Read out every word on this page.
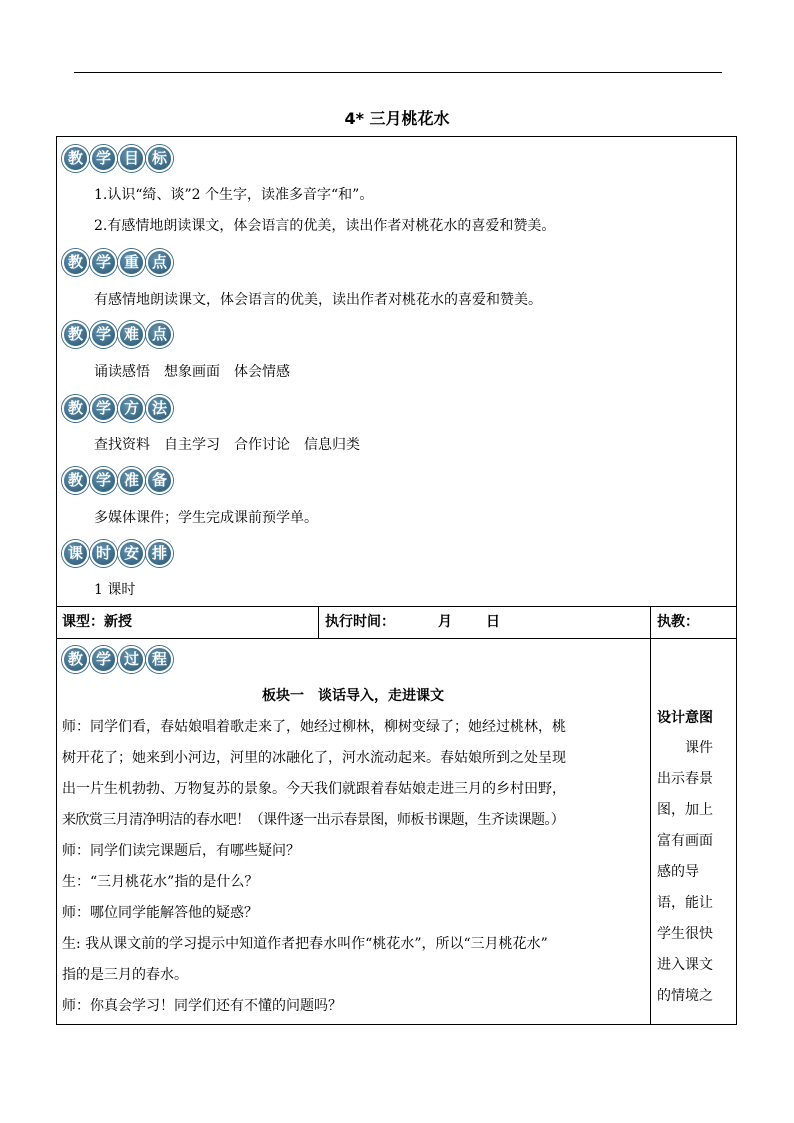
4* 三月桃花水
教 学 目 标
1.认识“绮、谈”2 个生字，读准多音字“和”。
2.有感情地朗读课文，体会语言的优美，读出作者对桃花水的喜爱和赞美。
教 学 重 点
有感情地朗读课文，体会语言的优美，读出作者对桃花水的喜爱和赞美。
教 学 难 点
诵读感悟　想象画面　体会情感
教 学 方 法
查找资料　自主学习　合作讨论　信息归类
教 学 准 备
多媒体课件；学生完成课前预学单。
课 时 安 排
1 课时
课型：新授	执行时间：	月 日	执教：
教 学 过 程
板块一　谈话导入，走进课文
师：同学们看，春姑娘唱着歌走来了，她经过柳林，柳树变绿了；她经过桃林，桃
树开花了；她来到小河边，河里的冰融化了，河水流动起来。春姑娘所到之处呈现
出一片生机勃勃、万物复苏的景象。今天我们就跟着春姑娘走进三月的乡村田野，
来欣赏三月清净明洁的春水吧！（课件逐一出示春景图，师板书课题，生齐读课题。）
师：同学们读完课题后，有哪些疑问？
生：“三月桃花水”指的是什么？
师：哪位同学能解答他的疑惑？
生: 我从课文前的学习提示中知道作者把春水叫作“桃花水”，所以“三月桃花水”
指的是三月的春水。
师：你真会学习！同学们还有不懂的问题吗？
设计意图
　　课件
出示春景
图，加上
富有画面
感的导
语，能让
学生很快
进入课文
的情境之
